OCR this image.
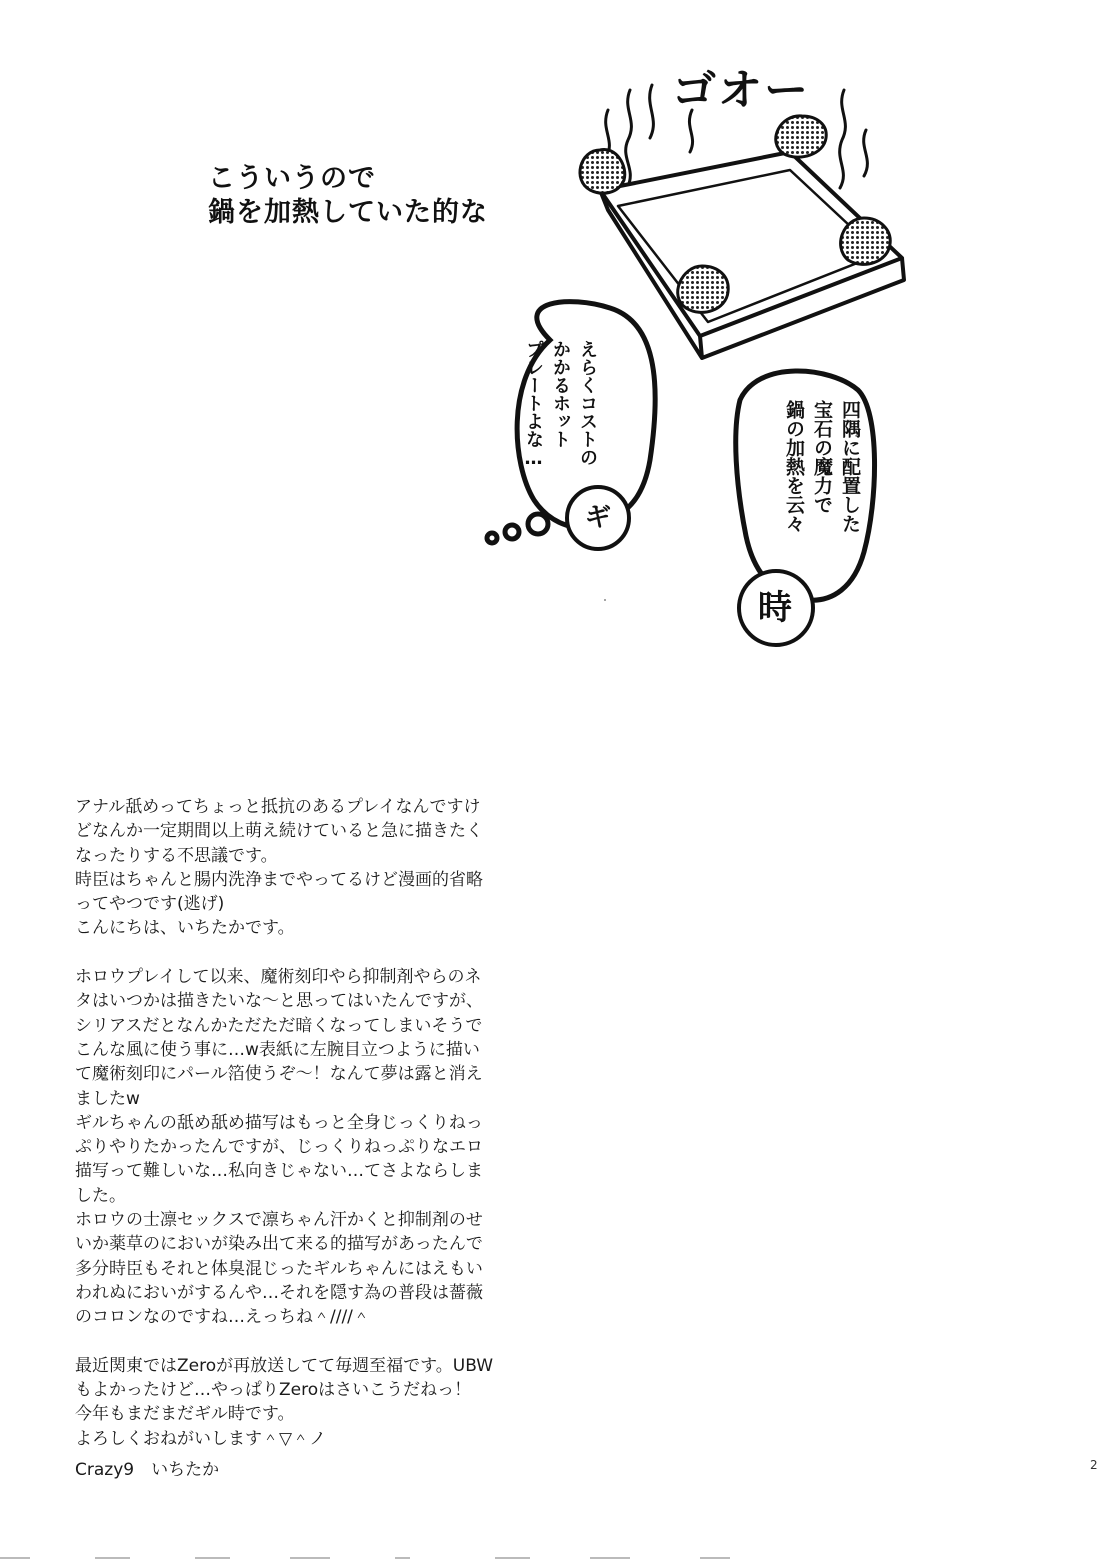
こういうので
鍋を加熱していた的な
ゴオー
えらくコストの
かかるホット
プレートよな…
ギ	四隅に配置した
宝石の魔力で
鍋の加熱を云々
時

アナル舐めってちょっと抵抗のあるプレイなんですけ

どなんか一定期間以上萌え続けていると急に描きたく

なったりする不思議です。

時臣はちゃんと腸内洗浄までやってるけど漫画的省略

ってやつです(逃げ)

こんにちは、いちたかです。

ホロウプレイして以来、魔術刻印やら抑制剤やらのネ

タはいつかは描きたいな〜と思ってはいたんですが、

シリアスだとなんかただただ暗くなってしまいそうで

こんな風に使う事に…w表紙に左腕目立つように描い

て魔術刻印にパール箔使うぞ〜！なんて夢は露と消え

ましたw

ギルちゃんの舐め舐め描写はもっと全身じっくりねっ

ぷりやりたかったんですが、じっくりねっぷりなエロ

描写って難しいな…私向きじゃない…てさよならしま

した。

ホロウの士凛セックスで凛ちゃん汗かくと抑制剤のせ

いか薬草のにおいが染み出て来る的描写があったんで

多分時臣もそれと体臭混じったギルちゃんにはえもい

われぬにおいがするんや…それを隠す為の普段は薔薇

のコロンなのですね…えっちね＾////＾

最近関東ではZeroが再放送してて毎週至福です。UBW

もよかったけど…やっぱりZeroはさいこうだねっ！

今年もまだまだギル時です。

よろしくおねがいします＾▽＾ノ

Crazy9　いちたか	2
